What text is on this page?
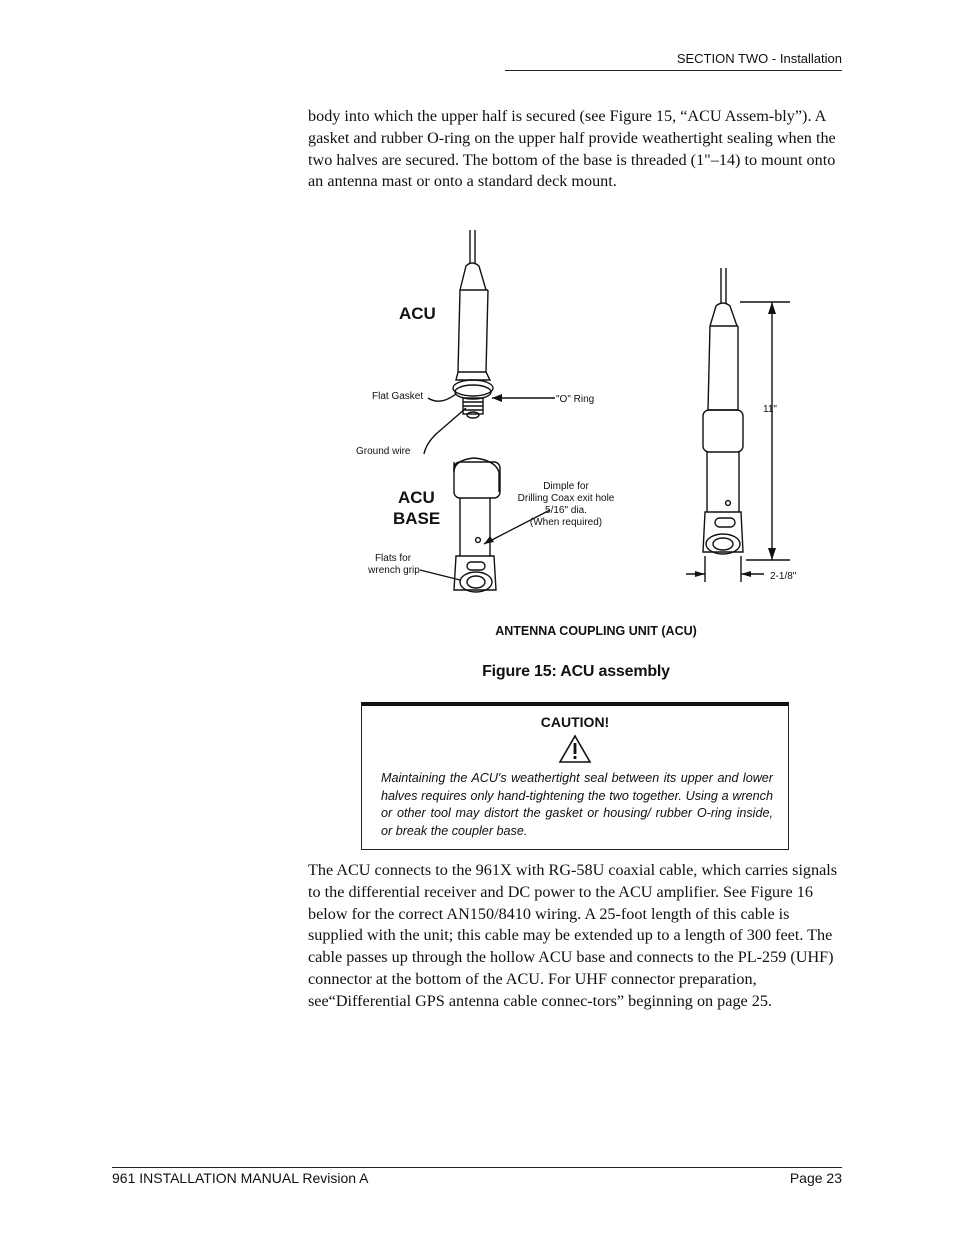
SECTION TWO - Installation

body into which the upper half is secured (see Figure 15, “ACU Assem-bly”). A gasket and rubber O-ring on the upper half provide weathertight sealing when the two halves are secured. The bottom of the base is threaded (1"–14) to mount onto an antenna mast or onto a standard deck mount.

ACU
Flat Gasket	"O" Ring
Ground wire
ACU
BASE
Dimple for
Drilling Coax exit hole
5/16" dia.
(When required)
Flats for
wrench grip
11"
2-1/8"
ANTENNA COUPLING UNIT (ACU)
Figure 15: ACU assembly
CAUTION!
Maintaining the ACU's weathertight seal between its upper and lower halves requires only hand-tightening the two together. Using a wrench or other tool may distort the gasket or housing/ rubber O-ring inside, or break the coupler base.

The ACU connects to the 961X with RG-58U coaxial cable, which carries signals to the differential receiver and DC power to the ACU amplifier. See Figure 16 below for the correct AN150/8410 wiring. A 25-foot length of this cable is supplied with the unit; this cable may be extended up to a length of 300 feet. The cable passes up through the hollow ACU base and connects to the PL-259 (UHF) connector at the bottom of the ACU. For UHF connector preparation, see“Differential GPS antenna cable connec-tors” beginning on page 25.

961 INSTALLATION MANUAL Revision A	Page 23
